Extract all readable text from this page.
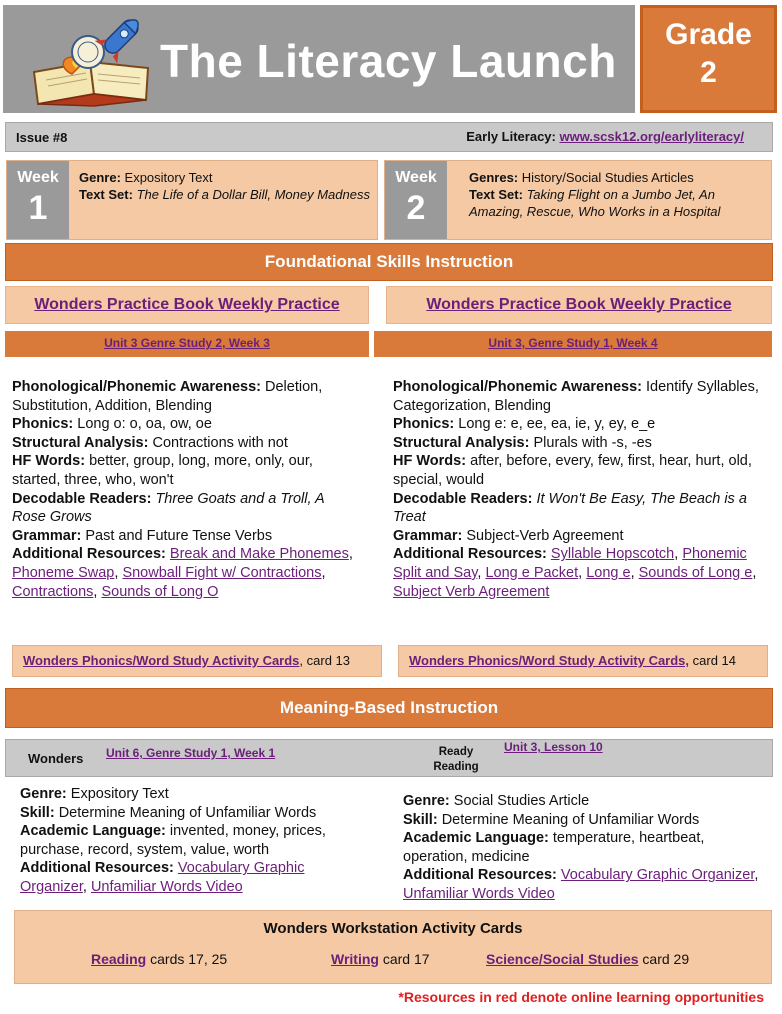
The Literacy Launch
Grade
2
Issue #8	Early Literacy: www.scsk12.org/earlyliteracy/
Week
1
Genre: Expository Text
Text Set: The Life of a Dollar Bill, Money Madness
Week
2
Genres: History/Social Studies Articles
Text Set: Taking Flight on a Jumbo Jet, An Amazing, Rescue, Who Works in a Hospital
Foundational Skills Instruction
Wonders Practice Book Weekly Practice	Wonders Practice Book Weekly Practice
Unit 3 Genre Study 2, Week 3	Unit 3, Genre Study 1, Week 4
Phonological/Phonemic Awareness: Deletion, Substitution, Addition, Blending
Phonics: Long o: o, oa, ow, oe
Structural Analysis: Contractions with not
HF Words: better, group, long, more, only, our, started, three, who, won't
Decodable Readers: Three Goats and a Troll, A Rose Grows
Grammar: Past and Future Tense Verbs
Additional Resources: Break and Make Phonemes, Phoneme Swap, Snowball Fight w/ Contractions, Contractions, Sounds of Long O
Phonological/Phonemic Awareness: Identify Syllables, Categorization, Blending
Phonics: Long e: e, ee, ea, ie, y, ey, e_e
Structural Analysis: Plurals with -s, -es
HF Words: after, before, every, few, first, hear, hurt, old, special, would
Decodable Readers: It Won't Be Easy, The Beach is a Treat
Grammar: Subject-Verb Agreement
Additional Resources: Syllable Hopscotch, Phonemic Split and Say, Long e Packet, Long e, Sounds of Long e, Subject Verb Agreement
Wonders Phonics/Word Study Activity Cards, card 13	Wonders Phonics/Word Study Activity Cards, card 14
Meaning-Based Instruction
Wonders Unit 6, Genre Study 1, Week 1	Ready Reading
Unit 3, Lesson 10
Genre: Expository Text
Skill: Determine Meaning of Unfamiliar Words
Academic Language: invented, money, prices, purchase, record, system, value, worth
Additional Resources: Vocabulary Graphic Organizer, Unfamiliar Words Video
Genre: Social Studies Article
Skill: Determine Meaning of Unfamiliar Words
Academic Language: temperature, heartbeat, operation, medicine
Additional Resources: Vocabulary Graphic Organizer, Unfamiliar Words Video
Wonders Workstation Activity Cards
Reading cards 17, 25	Writing card 17	Science/Social Studies card 29
*Resources in red denote online learning opportunities
